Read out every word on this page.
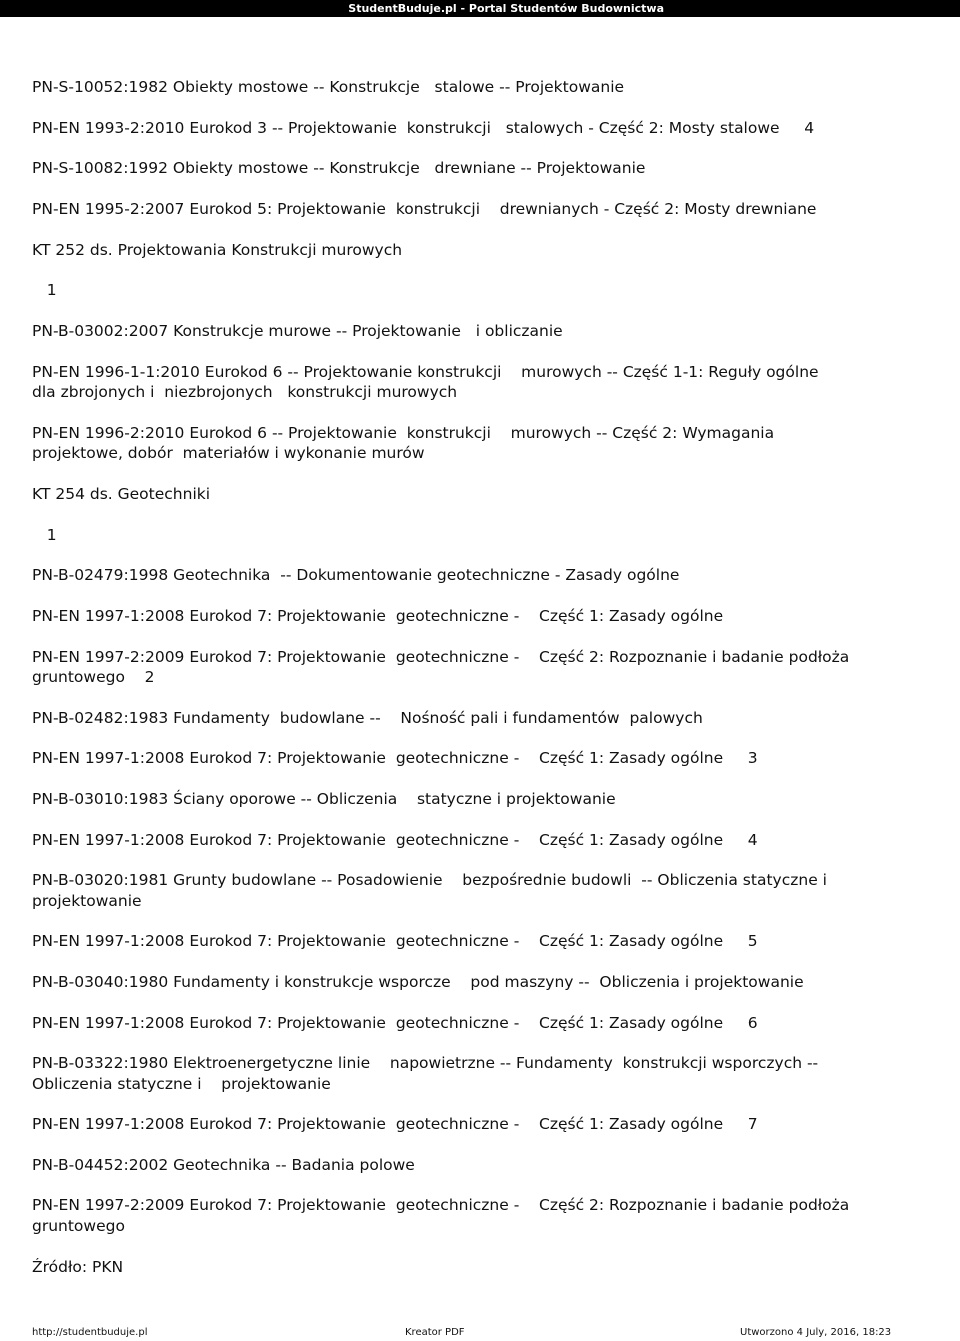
StudentBuduje.pl - Portal Studentów Budownictwa
PN-S-10052:1982 Obiekty mostowe -- Konstrukcje   stalowe -- Projektowanie
PN-EN 1993-2:2010 Eurokod 3 -- Projektowanie  konstrukcji   stalowych - Część 2: Mosty stalowe     4
PN-S-10082:1992 Obiekty mostowe -- Konstrukcje   drewniane -- Projektowanie
PN-EN 1995-2:2007 Eurokod 5: Projektowanie  konstrukcji    drewnianych - Część 2: Mosty drewniane
KT 252 ds. Projektowania Konstrukcji murowych
1
PN-B-03002:2007 Konstrukcje murowe -- Projektowanie   i obliczanie
PN-EN 1996-1-1:2010 Eurokod 6 -- Projektowanie konstrukcji    murowych -- Część 1-1: Reguły ogólne
dla zbrojonych i  niezbrojonych   konstrukcji murowych
PN-EN 1996-2:2010 Eurokod 6 -- Projektowanie  konstrukcji    murowych -- Część 2: Wymagania
projektowe, dobór  materiałów i wykonanie murów
KT 254 ds. Geotechniki
1
PN-B-02479:1998 Geotechnika  -- Dokumentowanie geotechniczne - Zasady ogólne
PN-EN 1997-1:2008 Eurokod 7: Projektowanie  geotechniczne -    Część 1: Zasady ogólne
PN-EN 1997-2:2009 Eurokod 7: Projektowanie  geotechniczne -    Część 2: Rozpoznanie i badanie podłoża
gruntowego    2
PN-B-02482:1983 Fundamenty  budowlane --    Nośność pali i fundamentów  palowych
PN-EN 1997-1:2008 Eurokod 7: Projektowanie  geotechniczne -    Część 1: Zasady ogólne     3
PN-B-03010:1983 Ściany oporowe -- Obliczenia    statyczne i projektowanie
PN-EN 1997-1:2008 Eurokod 7: Projektowanie  geotechniczne -    Część 1: Zasady ogólne     4
PN-B-03020:1981 Grunty budowlane -- Posadowienie    bezpośrednie budowli  -- Obliczenia statyczne i
projektowanie
PN-EN 1997-1:2008 Eurokod 7: Projektowanie  geotechniczne -    Część 1: Zasady ogólne     5
PN-B-03040:1980 Fundamenty i konstrukcje wsporcze    pod maszyny --  Obliczenia i projektowanie
PN-EN 1997-1:2008 Eurokod 7: Projektowanie  geotechniczne -    Część 1: Zasady ogólne     6
PN-B-03322:1980 Elektroenergetyczne linie    napowietrzne -- Fundamenty  konstrukcji wsporczych --
Obliczenia statyczne i    projektowanie
PN-EN 1997-1:2008 Eurokod 7: Projektowanie  geotechniczne -    Część 1: Zasady ogólne     7
PN-B-04452:2002 Geotechnika -- Badania polowe
PN-EN 1997-2:2009 Eurokod 7: Projektowanie  geotechniczne -    Część 2: Rozpoznanie i badanie podłoża
gruntowego
Źródło: PKN
http://studentbuduje.pl	Kreator PDF	Utworzono 4 July, 2016, 18:23
